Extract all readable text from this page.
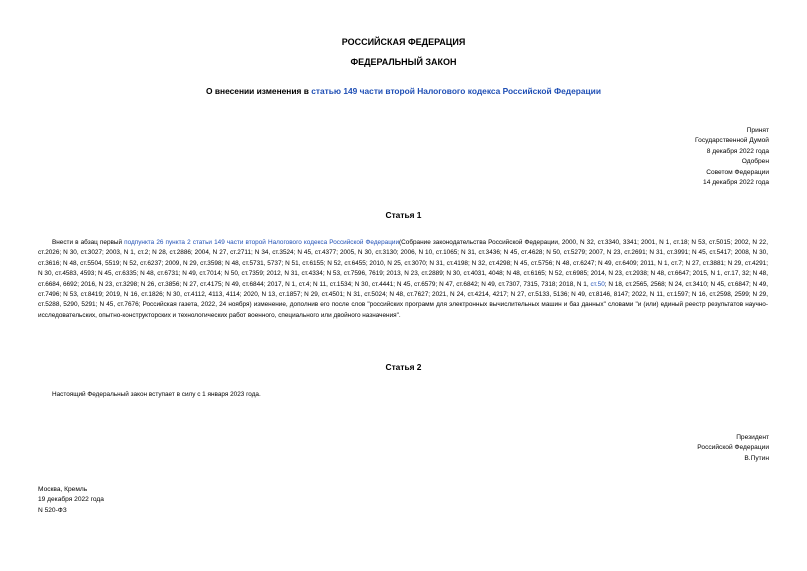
РОССИЙСКАЯ ФЕДЕРАЦИЯ
ФЕДЕРАЛЬНЫЙ ЗАКОН
О внесении изменения в статью 149 части второй Налогового кодекса Российской Федерации
Принят
Государственной Думой
8 декабря 2022 года
Одобрен
Советом Федерации
14 декабря 2022 года
Статья 1
Внести в абзац первый подпункта 26 пункта 2 статьи 149 части второй Налогового кодекса Российской Федерации(Собрание законодательства Российской Федерации, 2000, N 32, ст.3340, 3341; 2001, N 1, ст.18; N 53, ст.5015; 2002, N 22, ст.2026; N 30, ст.3027; 2003, N 1, ст.2; N 28, ст.2886; 2004, N 27, ст.2711; N 34, ст.3524; N 45, ст.4377; 2005, N 30, ст.3130; 2006, N 10, ст.1065; N 31, ст.3436; N 45, ст.4628; N 50, ст.5279; 2007, N 23, ст.2691; N 31, ст.3991; N 45, ст.5417; 2008, N 30, ст.3616; N 48, ст.5504, 5519; N 52, ст.6237; 2009, N 29, ст.3598; N 48, ст.5731, 5737; N 51, ст.6155; N 52, ст.6455; 2010, N 25, ст.3070; N 31, ст.4198; N 32, ст.4298; N 45, ст.5756; N 48, ст.6247; N 49, ст.6409; 2011, N 1, ст.7; N 27, ст.3881; N 29, ст.4291; N 30, ст.4583, 4593; N 45, ст.6335; N 48, ст.6731; N 49, ст.7014; N 50, ст.7359; 2012, N 31, ст.4334; N 53, ст.7596, 7619; 2013, N 23, ст.2889; N 30, ст.4031, 4048; N 48, ст.6165; N 52, ст.6985; 2014, N 23, ст.2938; N 48, ст.6647; 2015, N 1, ст.17, 32; N 48, ст.6684, 6692; 2016, N 23, ст.3298; N 26, ст.3856; N 27, ст.4175; N 49, ст.6844; 2017, N 1, ст.4; N 11, ст.1534; N 30, ст.4441; N 45, ст.6579; N 47, ст.6842; N 49, ст.7307, 7315, 7318; 2018, N 1, ст.50; N 18, ст.2565, 2568; N 24, ст.3410; N 45, ст.6847; N 49, ст.7496; N 53, ст.8419; 2019, N 16, ст.1826; N 30, ст.4112, 4113, 4114; 2020, N 13, ст.1857; N 29, ст.4501; N 31, ст.5024; N 48, ст.7627; 2021, N 24, ст.4214, 4217; N 27, ст.5133, 5136; N 49, ст.8146, 8147; 2022, N 11, ст.1597; N 16, ст.2598, 2599; N 29, ст.5288, 5290, 5291; N 45, ст.7676; Российская газета, 2022, 24 ноября) изменение, дополнив его после слов "российских программ для электронных вычислительных машин и баз данных" словами "и (или) единый реестр результатов научно-исследовательских, опытно-конструкторских и технологических работ военного, специального или двойного назначения".
Статья 2
Настоящий Федеральный закон вступает в силу с 1 января 2023 года.
Президент
Российской Федерации
В.Путин
Москва, Кремль
19 декабря 2022 года
N 520-ФЗ
